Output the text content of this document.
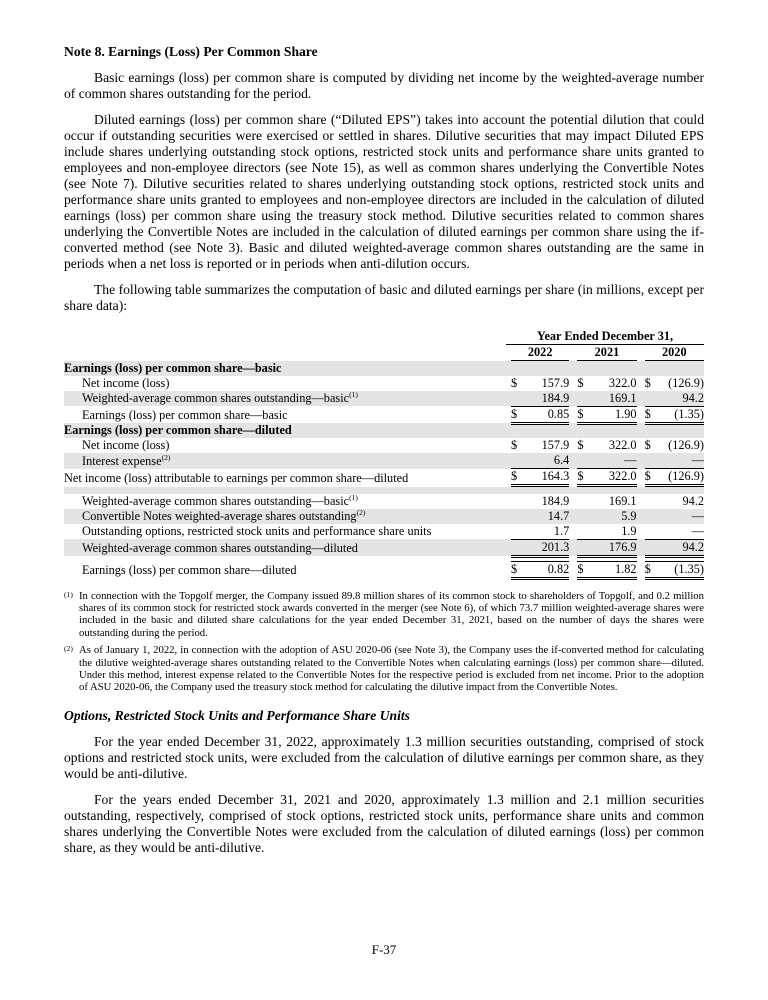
Note 8. Earnings (Loss) Per Common Share

Basic earnings (loss) per common share is computed by dividing net income by the weighted-average number of common shares outstanding for the period.

Diluted earnings (loss) per common share (“Diluted EPS”) takes into account the potential dilution that could occur if outstanding securities were exercised or settled in shares. Dilutive securities that may impact Diluted EPS include shares underlying outstanding stock options, restricted stock units and performance share units granted to employees and non-employee directors (see Note 15), as well as common shares underlying the Convertible Notes (see Note 7). Dilutive securities related to shares underlying outstanding stock options, restricted stock units and performance share units granted to employees and non-employee directors are included in the calculation of diluted earnings (loss) per common share using the treasury stock method. Dilutive securities related to common shares underlying the Convertible Notes are included in the calculation of diluted earnings per common share using the if-converted method (see Note 3). Basic and diluted weighted-average common shares outstanding are the same in periods when a net loss is reported or in periods when anti-dilution occurs.

The following table summarizes the computation of basic and diluted earnings per share (in millions, except per share data):

	Year Ended December 31,								
		2022			2021			2020	
Earnings (loss) per common share—basic									
Net income (loss)		$	157.9		$	322.0		$	(126.9)
Weighted-average common shares outstanding—basic$^{(1)}$			184.9			169.1			94.2
Earnings (loss) per common share—basic		$	0.85		$	1.90		$	(1.35)
Earnings (loss) per common share—diluted									
Net income (loss)		$	157.9		$	322.0		$	(126.9)
Interest expense$^{(2)}$			6.4			—			—
Net income (loss) attributable to earnings per common share—diluted		$	164.3		$	322.0		$	(126.9)

Weighted-average common shares outstanding—basic$^{(1)}$			184.9			169.1			94.2
Convertible Notes weighted-average shares outstanding$^{(2)}$			14.7			5.9			—
Outstanding options, restricted stock units and performance share units			1.7			1.9			—
Weighted-average common shares outstanding—diluted			201.3			176.9			94.2

Earnings (loss) per common share—diluted		$	0.82		$	1.82		$	(1.35)
(1) In connection with the Topgolf merger, the Company issued 89.8 million shares of its common stock to shareholders of Topgolf, and 0.2 million shares of its common stock for restricted stock awards converted in the merger (see Note 6), of which 73.7 million weighted-average shares were included in the basic and diluted share calculations for the year ended December 31, 2021, based on the number of days the shares were outstanding during the period.
(2) As of January 1, 2022, in connection with the adoption of ASU 2020-06 (see Note 3), the Company uses the if-converted method for calculating the dilutive weighted-average shares outstanding related to the Convertible Notes when calculating earnings (loss) per common share—diluted. Under this method, interest expense related to the Convertible Notes for the respective period is excluded from net income. Prior to the adoption of ASU 2020-06, the Company used the treasury stock method for calculating the dilutive impact from the Convertible Notes.
Options, Restricted Stock Units and Performance Share Units

For the year ended December 31, 2022, approximately 1.3 million securities outstanding, comprised of stock options and restricted stock units, were excluded from the calculation of dilutive earnings per common share, as they would be anti-dilutive.

For the years ended December 31, 2021 and 2020, approximately 1.3 million and 2.1 million securities outstanding, respectively, comprised of stock options, restricted stock units, performance share units and common shares underlying the Convertible Notes were excluded from the calculation of diluted earnings (loss) per common share, as they would be anti-dilutive.

F-37
